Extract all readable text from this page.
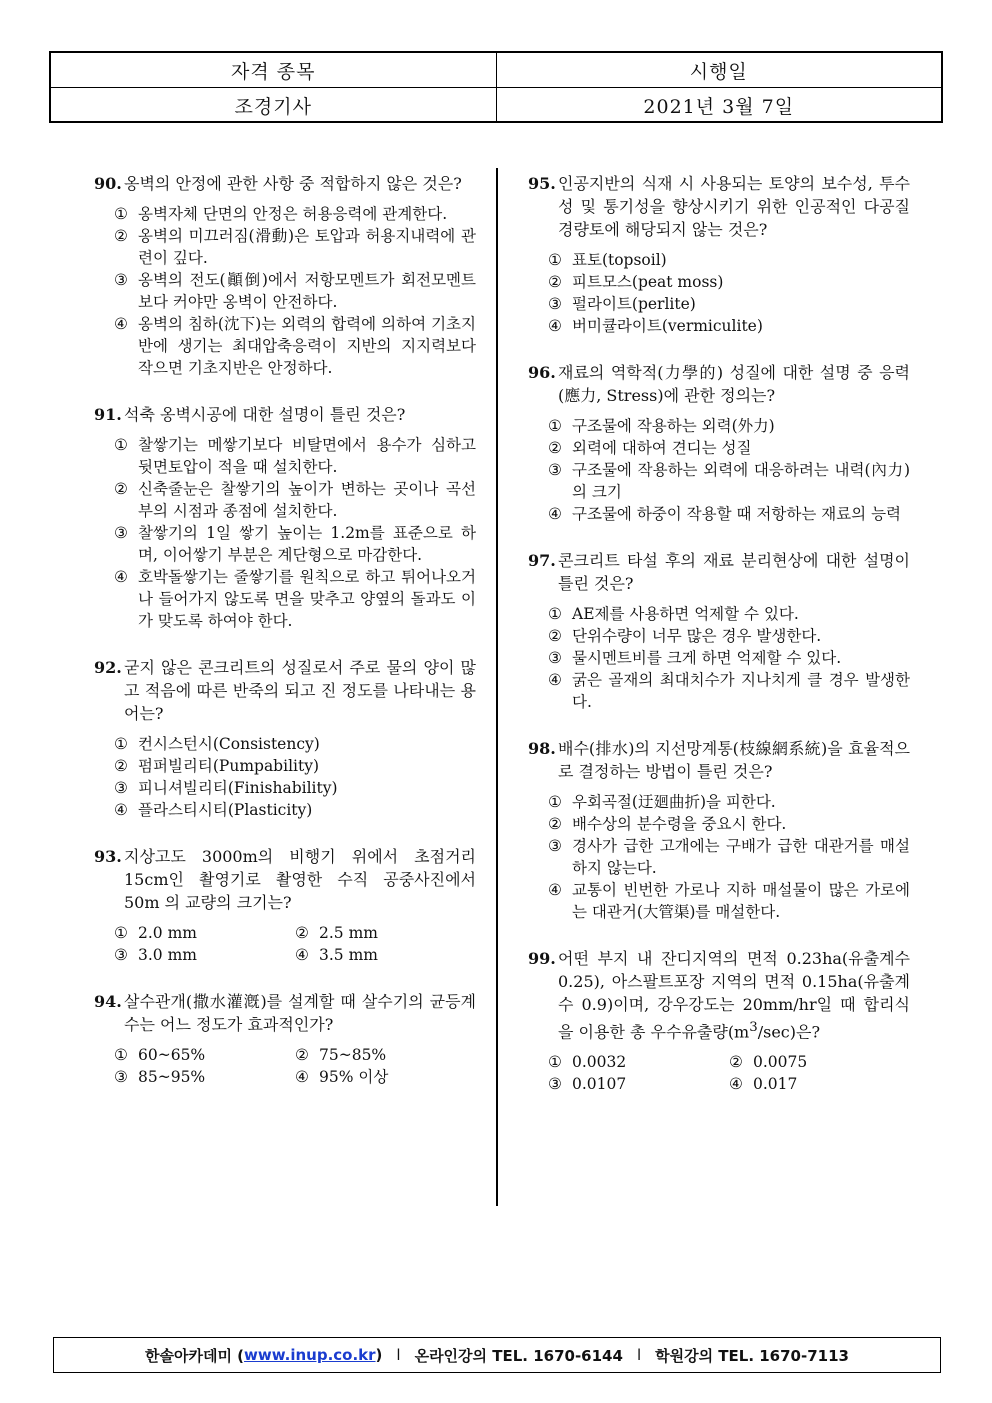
자격 종목	시행일
조경기사	2021년 3월 7일
90. 옹벽의 안정에 관한 사항 중 적합하지 않은 것은?
① 옹벽자체 단면의 안정은 허용응력에 관계한다.
② 옹벽의 미끄러짐(滑動)은 토압과 허용지내력에 관련이 깊다.
③ 옹벽의 전도(顚倒)에서 저항모멘트가 회전모멘트보다 커야만 옹벽이 안전하다.
④ 옹벽의 침하(沈下)는 외력의 합력에 의하여 기초지반에 생기는 최대압축응력이 지반의 지지력보다 작으면 기초지반은 안정하다.
91. 석축 옹벽시공에 대한 설명이 틀린 것은?
① 찰쌓기는 메쌓기보다 비탈면에서 용수가 심하고 뒷면토압이 적을 때 설치한다.
② 신축줄눈은 찰쌓기의 높이가 변하는 곳이나 곡선부의 시점과 종점에 설치한다.
③ 찰쌓기의 1일 쌓기 높이는 1.2m를 표준으로 하며, 이어쌓기 부분은 계단형으로 마감한다.
④ 호박돌쌓기는 줄쌓기를 원칙으로 하고 튀어나오거나 들어가지 않도록 면을 맞추고 양옆의 돌과도 이가 맞도록 하여야 한다.
92. 굳지 않은 콘크리트의 성질로서 주로 물의 양이 많고 적음에 따른 반죽의 되고 진 정도를 나타내는 용어는?
① 컨시스턴시(Consistency)
② 펌퍼빌리티(Pumpability)
③ 피니셔빌리티(Finishability)
④ 플라스티시티(Plasticity)
93. 지상고도 3000m의 비행기 위에서 초점거리 15cm인 촬영기로 촬영한 수직 공중사진에서 50m 의 교량의 크기는?
① 2.0 mm	② 2.5 mm
③ 3.0 mm	④ 3.5 mm
94. 살수관개(撒水灌漑)를 설계할 때 살수기의 균등계수는 어느 정도가 효과적인가?
① 60~65%	② 75~85%
③ 85~95%	④ 95% 이상
95. 인공지반의 식재 시 사용되는 토양의 보수성, 투수성 및 통기성을 향상시키기 위한 인공적인 다공질 경량토에 해당되지 않는 것은?
① 표토(topsoil)
② 피트모스(peat moss)
③ 펄라이트(perlite)
④ 버미큘라이트(vermiculite)
96. 재료의 역학적(力學的) 성질에 대한 설명 중 응력(應力, Stress)에 관한 정의는?
① 구조물에 작용하는 외력(外力)
② 외력에 대하여 견디는 성질
③ 구조물에 작용하는 외력에 대응하려는 내력(內力)의 크기
④ 구조물에 하중이 작용할 때 저항하는 재료의 능력
97. 콘크리트 타설 후의 재료 분리현상에 대한 설명이 틀린 것은?
① AE제를 사용하면 억제할 수 있다.
② 단위수량이 너무 많은 경우 발생한다.
③ 물시멘트비를 크게 하면 억제할 수 있다.
④ 굵은 골재의 최대치수가 지나치게 클 경우 발생한다.
98. 배수(排水)의 지선망계통(枝線網系統)을 효율적으로 결정하는 방법이 틀린 것은?
① 우회곡절(迂廻曲折)을 피한다.
② 배수상의 분수령을 중요시 한다.
③ 경사가 급한 고개에는 구배가 급한 대관거를 매설하지 않는다.
④ 교통이 빈번한 가로나 지하 매설물이 많은 가로에는 대관거(大管渠)를 매설한다.
99. 어떤 부지 내 잔디지역의 면적 0.23ha(유출계수 0.25), 아스팔트포장 지역의 면적 0.15ha(유출계수 0.9)이며, 강우강도는 20mm/hr일 때 합리식을 이용한 총 우수유출량$(m^3/\sec)$은?
① 0.0032	② 0.0075
③ 0.0107	④ 0.017
한솔아카데미 ( www.inup.co.kr ) l 온라인강의 TEL. 1670-6144 l 학원강의 TEL. 1670-7113
